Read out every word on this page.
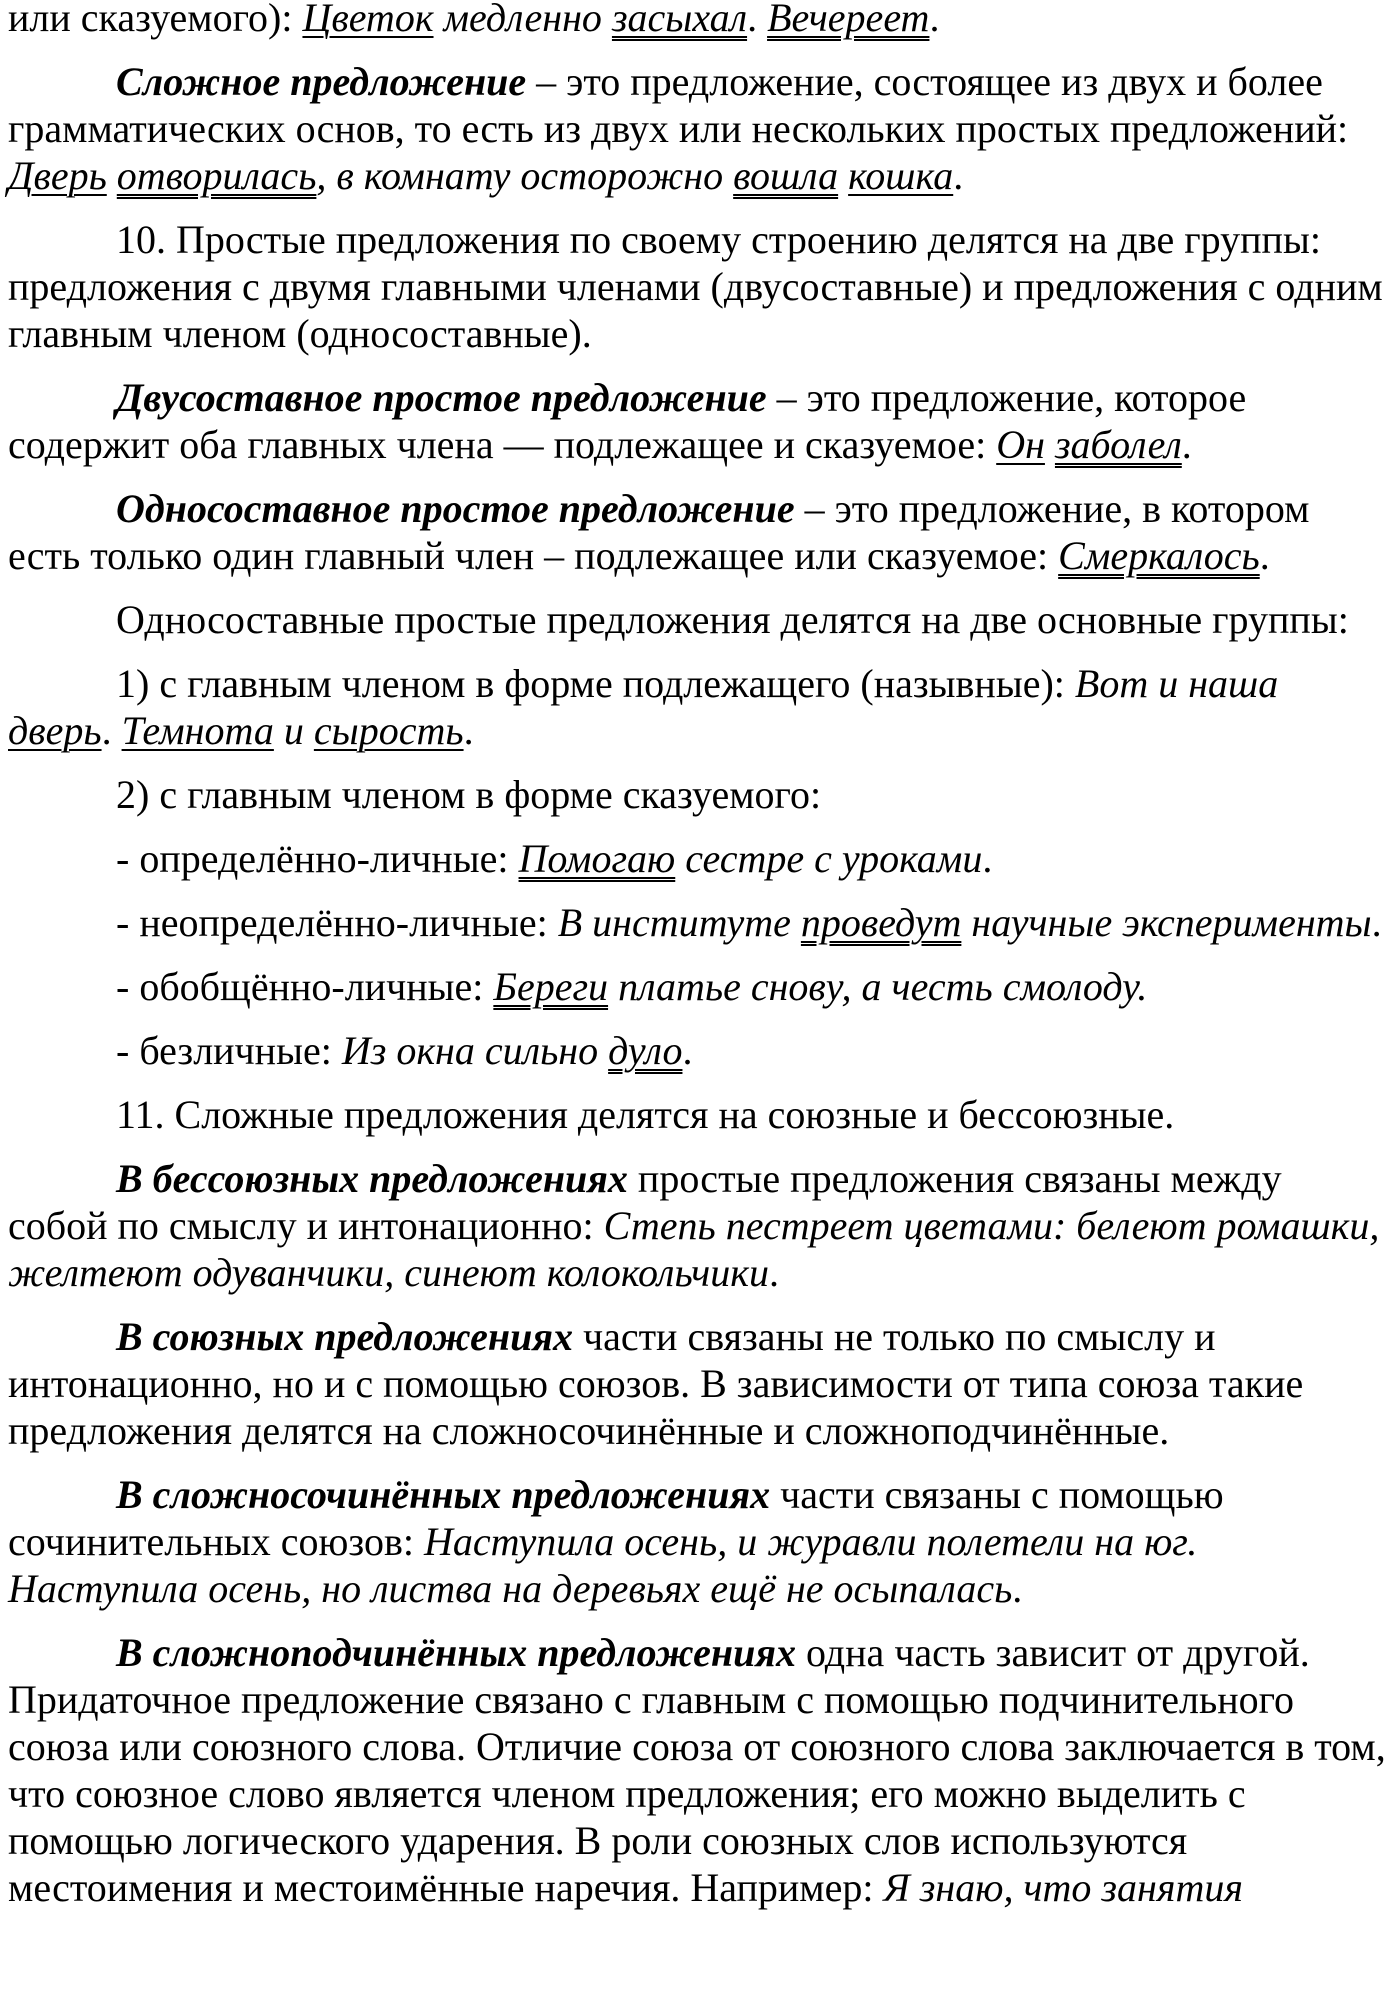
или сказуемого): Цветок медленно засыхал. Вечереет.

Сложное предложение – это предложение, состоящее из двух и более грамматических основ, то есть из двух или нескольких простых предложений: Дверь отворилась, в комнату осторожно вошла кошка.

10. Простые предложения по своему строению делятся на две группы: предложения с двумя главными членами (двусоставные) и предложения с одним главным членом (односоставные).

Двусоставное простое предложение – это предложение, которое содержит оба главных члена — подлежащее и сказуемое: Он заболел.

Односоставное простое предложение – это предложение, в котором есть только один главный член – подлежащее или сказуемое: Смеркалось.

Односоставные простые предложения делятся на две основные группы:

1) с главным членом в форме подлежащего (назывные): Вот и наша дверь. Темнота и сырость.

2) с главным членом в форме сказуемого:

- определённо-личные: Помогаю сестре с уроками.

- неопределённо-личные: В институте проведут научные эксперименты.

- обобщённо-личные: Береги платье снову, а честь смолоду.

- безличные: Из окна сильно дуло.

11. Сложные предложения делятся на союзные и бессоюзные.

В бессоюзных предложениях простые предложения связаны между собой по смыслу и интонационно: Степь пестреет цветами: белеют ромашки, желтеют одуванчики, синеют колокольчики.

В союзных предложениях части связаны не только по смыслу и интонационно, но и с помощью союзов. В зависимости от типа союза такие предложения делятся на сложносочинённые и сложноподчинённые.

В сложносочинённых предложениях части связаны с помощью сочинительных союзов: Наступила осень, и журавли полетели на юг. Наступила осень, но листва на деревьях ещё не осыпалась.

В сложноподчинённых предложениях одна часть зависит от другой. Придаточное предложение связано с главным с помощью подчинительного союза или союзного слова. Отличие союза от союзного слова заключается в том, что союзное слово является членом предложения; его можно выделить с помощью логического ударения. В роли союзных слов используются местоимения и местоимённые наречия. Например: Я знаю, что занятия
